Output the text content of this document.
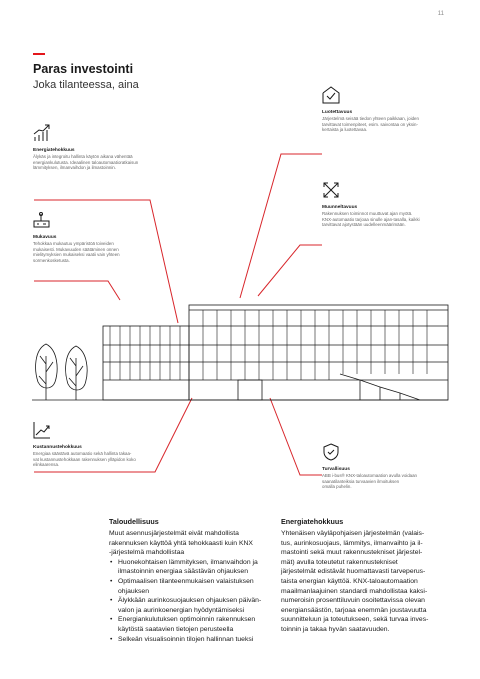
11
Paras investointi
Joka tilanteessa, aina
Energiatehokkuus
Älykäs ja integroitu hallinta käytön aikana vähentää
energiankulutusta. Ideaalinen taloautomaatioratkaisun
lämmityksen, ilmanvaihdon ja ilmastoinnin.
Mukavuus
Tehokkaa mukautuu ympäristöä toiveiden
mukaisesti. Mukavuuden säätäminen onnen
mielitymyksien mukaiseksi vaatii vain yhteen
sormenkosketusta.
Kustannustehokkuus
Energiaa säästävä automaatio sekä hallinta takaa-
vat kustannustehokkaan rakennuksen ylläpidon koko
elinkaarensa.
Luotettavuus
Järjestelmä seisää tiedon yhteen paikkaan, joiden
tarvittavat toimenpiteet, esim. saivontaa on yksin-
kertaista ja luotettavaa.
Muunneltavuus
Rakennuksen toiminnot muuttuvat ajan myötä.
KNX-automaatio tarjoaa sinulle ajan-tasalla, kaikki
tarvittavat ajotystään uudelleenmäärimään.
Turvallisuus
ABB i-bus® KNX-taloautomaation avulla voidaan
saanatilanteiksia turvaavien ilmoituksen
omalla puhelin.
Taloudellisuus
Muut asennusjärjestelmät eivät mahdollista
rakennuksen käyttöä yhtä tehokkaasti kuin KNX
-järjestelmä mahdollistaa
• Huonekohtaisen lämmityksen, ilmanvaihdon ja
ilmastoinnin energiaa säästävän ohjauksen
• Optimaalisen tilanteenmukaisen valaistuksen
ohjauksen
• Älykkään aurinkosuojauksen ohjauksen päivän-
valon ja aurinkoenergian hyödyntämiseksi
• Energiankulutuksen optimoinnin rakennuksen
käytöstä saatavien tietojen perusteella
• Selkeän visualisoinnin tilojen hallinnan tueksi
Energiatehokkuus
Yhtenäisen väyläpohjaisen järjestelmän (valais-
tus, aurinkosuojaus, lämmitys, ilmanvaihto ja il-
mastointi sekä muut rakennustekniset järjestel-
mät) avulla toteutetut rakennustekniset
järjestelmät edistävät huomattavasti tarveperus-
taista energian käyttöä. KNX-taloautomaation
maailmanlaajuinen standardi mahdollistaa kaksi-
numeroisin prosenttiluvuin osoitettavissa olevan
energiansäästön, tarjoaa enemmän joustavuutta
suunnitteluun ja toteutukseen, sekä turvaa inves-
toinnin ja takaa hyvän saatavuuden.
